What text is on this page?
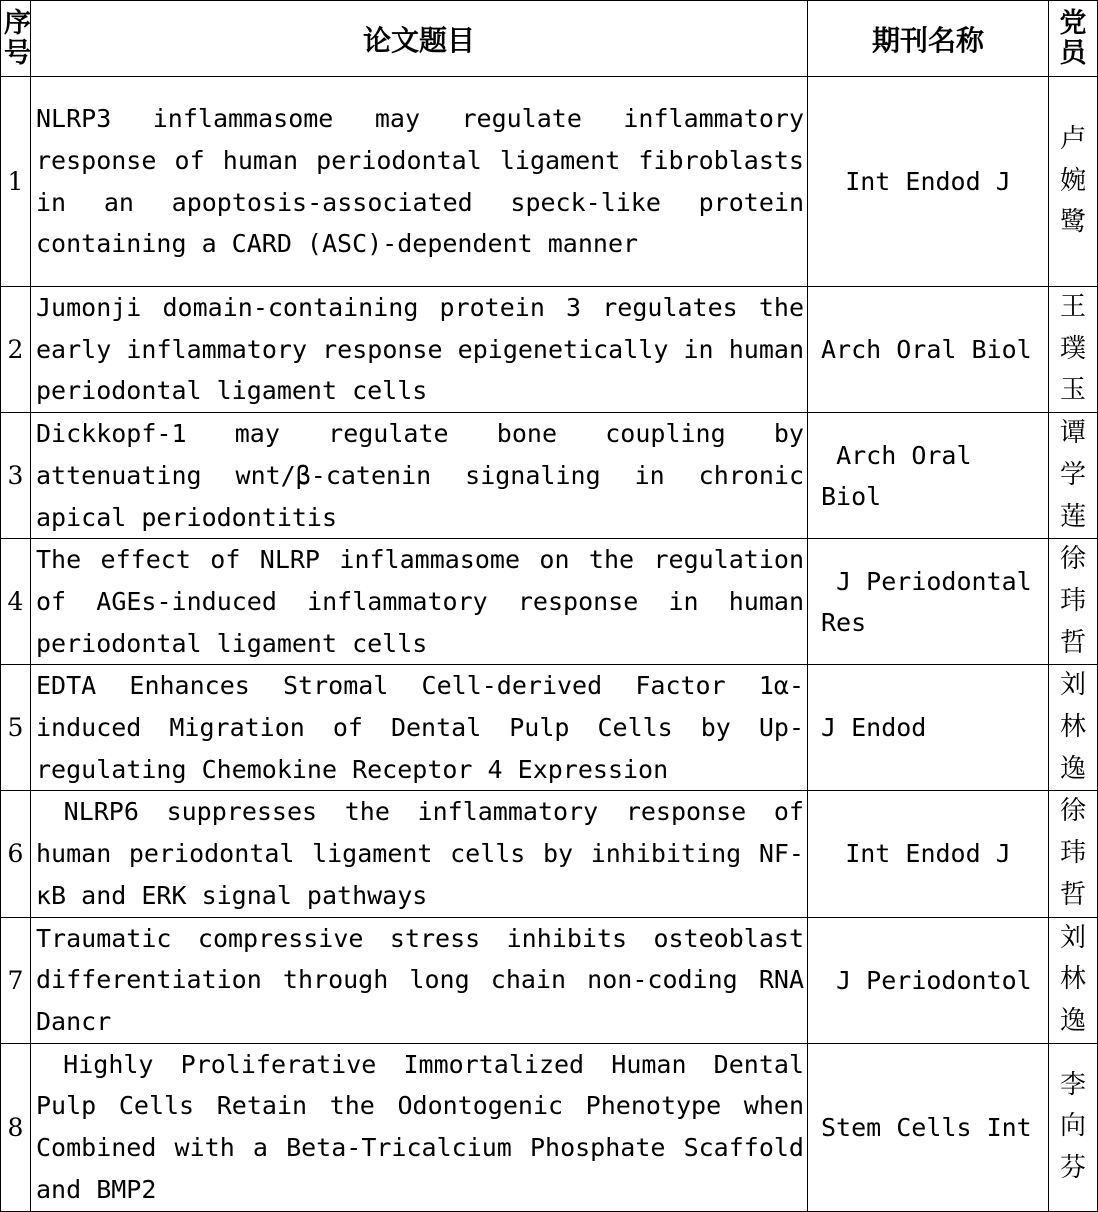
序号	论文题目	期刊名称	党员
1	NLRP3 inflammasome may regulate inflammatory response of human periodontal ligament fibroblasts in an apoptosis-associated speck-like protein containing a CARD (ASC)-dependent manner	Int Endod J	卢婉鹭
2	Jumonji domain-containing protein 3 regulates the early inflammatory response epigenetically in human periodontal ligament cells	Arch Oral Biol	王璞玉
3	Dickkopf-1 may regulate bone coupling by attenuating wnt/β-catenin signaling in chronic apical periodontitis	Arch Oral Biol	谭学莲
4	The effect of NLRP inflammasome on the regulation of AGEs-induced inflammatory response in human periodontal ligament cells	J Periodontal Res	徐玮哲
5	EDTA Enhances Stromal Cell-derived Factor 1α-induced Migration of Dental Pulp Cells by Up-regulating Chemokine Receptor 4 Expression	J Endod	刘林逸
6	NLRP6 suppresses the inflammatory response of human periodontal ligament cells by inhibiting NF-κB and ERK signal pathways	Int Endod J	徐玮哲
7	Traumatic compressive stress inhibits osteoblast differentiation through long chain non-coding RNA Dancr	J Periodontol	刘林逸
8	Highly Proliferative Immortalized Human Dental Pulp Cells Retain the Odontogenic Phenotype when Combined with a Beta-Tricalcium Phosphate Scaffold and BMP2	Stem Cells Int	李向芬
